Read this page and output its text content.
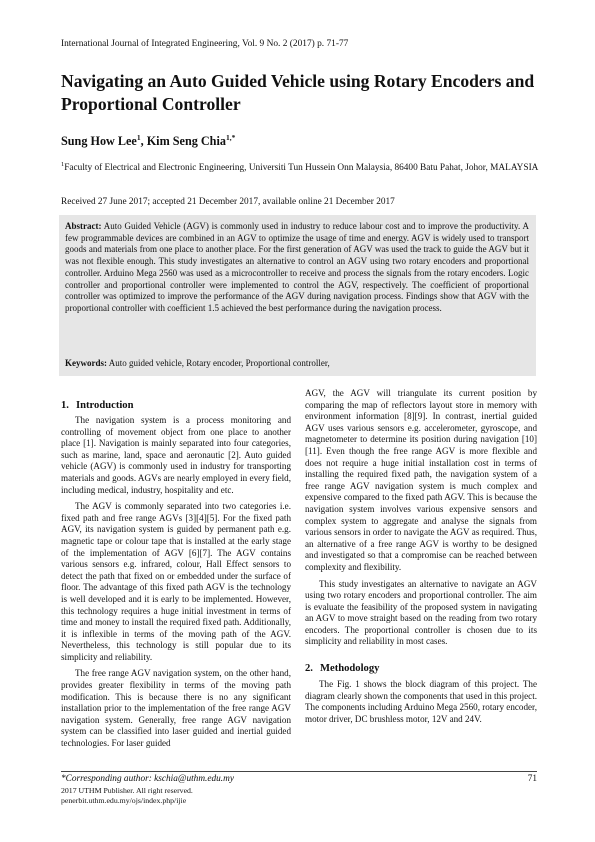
International Journal of Integrated Engineering, Vol. 9 No. 2 (2017) p. 71-77
Navigating an Auto Guided Vehicle using Rotary Encoders and Proportional Controller
Sung How Lee$^1$, Kim Seng Chia$^{1,*}$
$^1$Faculty of Electrical and Electronic Engineering, Universiti Tun Hussein Onn Malaysia, 86400 Batu Pahat, Johor, MALAYSIA
Received 27 June 2017; accepted 21 December 2017, available online 21 December 2017
Abstract: Auto Guided Vehicle (AGV) is commonly used in industry to reduce labour cost and to improve the productivity. A few programmable devices are combined in an AGV to optimize the usage of time and energy. AGV is widely used to transport goods and materials from one place to another place. For the first generation of AGV was used the track to guide the AGV but it was not flexible enough. This study investigates an alternative to control an AGV using two rotary encoders and proportional controller. Arduino Mega 2560 was used as a microcontroller to receive and process the signals from the rotary encoders. Logic controller and proportional controller were implemented to control the AGV, respectively. The coefficient of proportional controller was optimized to improve the performance of the AGV during navigation process. Findings show that AGV with the proportional controller with coefficient 1.5 achieved the best performance during the navigation process.
Keywords: Auto guided vehicle, Rotary encoder, Proportional controller,
1. Introduction

The navigation system is a process monitoring and controlling of movement object from one place to another place [1]. Navigation is mainly separated into four categories, such as marine, land, space and aeronautic [2]. Auto guided vehicle (AGV) is commonly used in industry for transporting materials and goods. AGVs are nearly employed in every field, including medical, industry, hospitality and etc.

The AGV is commonly separated into two categories i.e. fixed path and free range AGVs [3][4][5]. For the fixed path AGV, its navigation system is guided by permanent path e.g. magnetic tape or colour tape that is installed at the early stage of the implementation of AGV [6][7]. The AGV contains various sensors e.g. infrared, colour, Hall Effect sensors to detect the path that fixed on or embedded under the surface of floor. The advantage of this fixed path AGV is the technology is well developed and it is early to be implemented. However, this technology requires a huge initial investment in terms of time and money to install the required fixed path. Additionally, it is inflexible in terms of the moving path of the AGV. Nevertheless, this technology is still popular due to its simplicity and reliability.

The free range AGV navigation system, on the other hand, provides greater flexibility in terms of the moving path modification. This is because there is no any significant installation prior to the implementation of the free range AGV navigation system. Generally, free range AGV navigation system can be classified into laser guided and inertial guided technologies. For laser guided

AGV, the AGV will triangulate its current position by comparing the map of reflectors layout store in memory with environment information [8][9]. In contrast, inertial guided AGV uses various sensors e.g. accelerometer, gyroscope, and magnetometer to determine its position during navigation [10][11]. Even though the free range AGV is more flexible and does not require a huge initial installation cost in terms of installing the required fixed path, the navigation system of a free range AGV navigation system is much complex and expensive compared to the fixed path AGV. This is because the navigation system involves various expensive sensors and complex system to aggregate and analyse the signals from various sensors in order to navigate the AGV as required. Thus, an alternative of a free range AGV is worthy to be designed and investigated so that a compromise can be reached between complexity and flexibility.

This study investigates an alternative to navigate an AGV using two rotary encoders and proportional controller. The aim is evaluate the feasibility of the proposed system in navigating an AGV to move straight based on the reading from two rotary encoders. The proportional controller is chosen due to its simplicity and reliability in most cases.

2. Methodology

The Fig. 1 shows the block diagram of this project. The diagram clearly shown the components that used in this project. The components including Arduino Mega 2560, rotary encoder, motor driver, DC brushless motor, 12V and 24V.

*Corresponding author: kschia@uthm.edu.my	71
2017 UTHM Publisher. All right reserved.
penerbit.uthm.edu.my/ojs/index.php/ijie
